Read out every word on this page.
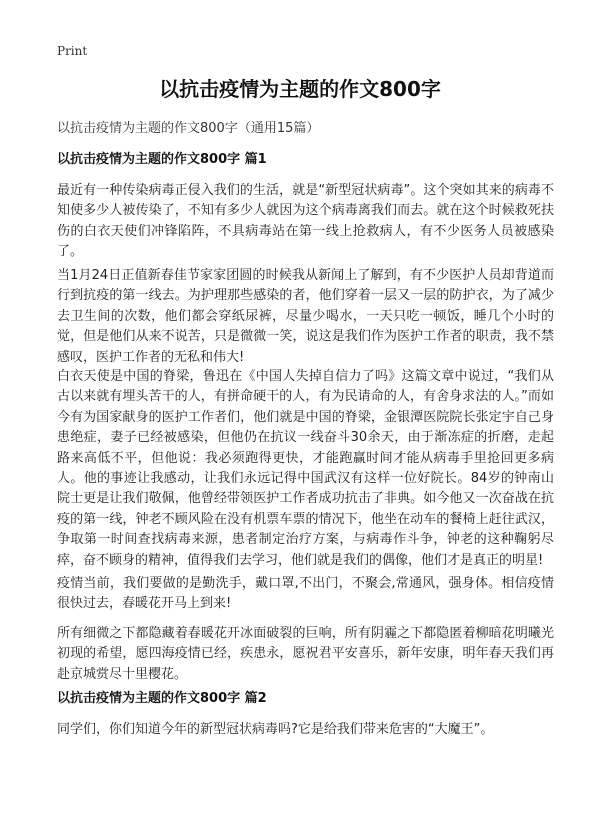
Print

以抗击疫情为主题的作文800字

以抗击疫情为主题的作文800字（通用15篇）

以抗击疫情为主题的作文800字 篇1

最近有一种传染病毒正侵入我们的生活，就是“新型冠状病毒”。这个突如其来的病毒不知使多少人被传染了，不知有多少人就因为这个病毒离我们而去。就在这个时候救死扶伤的白衣天使们冲锋陷阵，不具病毒站在第一线上抢救病人，有不少医务人员被感染了。

当1月24日正值新春佳节家家团圆的时候我从新闻上了解到，有不少医护人员却背道而行到抗疫的第一线去。为护理那些感染的者，他们穿着一层又一层的防护衣，为了减少去卫生间的次数，他们都会穿纸尿裤，尽量少喝水，一天只吃一顿饭，睡几个小时的觉，但是他们从来不说苦，只是微微一笑，说这是我们作为医护工作者的职责，我不禁感叹，医护工作者的无私和伟大!

白衣天使是中国的脊梁，鲁迅在《中国人失掉自信力了吗》这篇文章中说过，“我们从古以来就有埋头苦干的人，有拼命硬干的人，有为民请命的人，有舍身求法的人。”而如今有为国家献身的医护工作者们，他们就是中国的脊梁，金银潭医院院长张定宇自己身患绝症，妻子已经被感染，但他仍在抗议一线奋斗30余天，由于渐冻症的折磨，走起路来高低不平，但他说：我必须跑得更快，才能跑赢时间才能从病毒手里抢回更多病人。他的事迹让我感动，让我们永远记得中国武汉有这样一位好院长。84岁的钟南山院士更是让我们敬佩，他曾经带领医护工作者成功抗击了非典。如今他又一次奋战在抗疫的第一线，钟老不顾风险在没有机票车票的情况下，他坐在动车的餐椅上赶往武汉，争取第一时间查找病毒来源，患者制定治疗方案，与病毒作斗争，钟老的这种鞠躬尽瘁，奋不顾身的精神，值得我们去学习，他们就是我们的偶像，他们才是真正的明星!

疫情当前，我们要做的是勤洗手，戴口罩,不出门，不聚会,常通风，强身体。相信疫情很快过去，春暖花开马上到来!

所有细微之下都隐藏着春暖花开冰面破裂的巨响，所有阴霾之下都隐匿着柳暗花明曦光初现的希望，愿四海疫情已经，疾患永，愿祝君平安喜乐，新年安康，明年春天我们再赴京城赏尽十里樱花。

以抗击疫情为主题的作文800字 篇2

同学们，你们知道今年的新型冠状病毒吗?它是给我们带来危害的“大魔王”。
